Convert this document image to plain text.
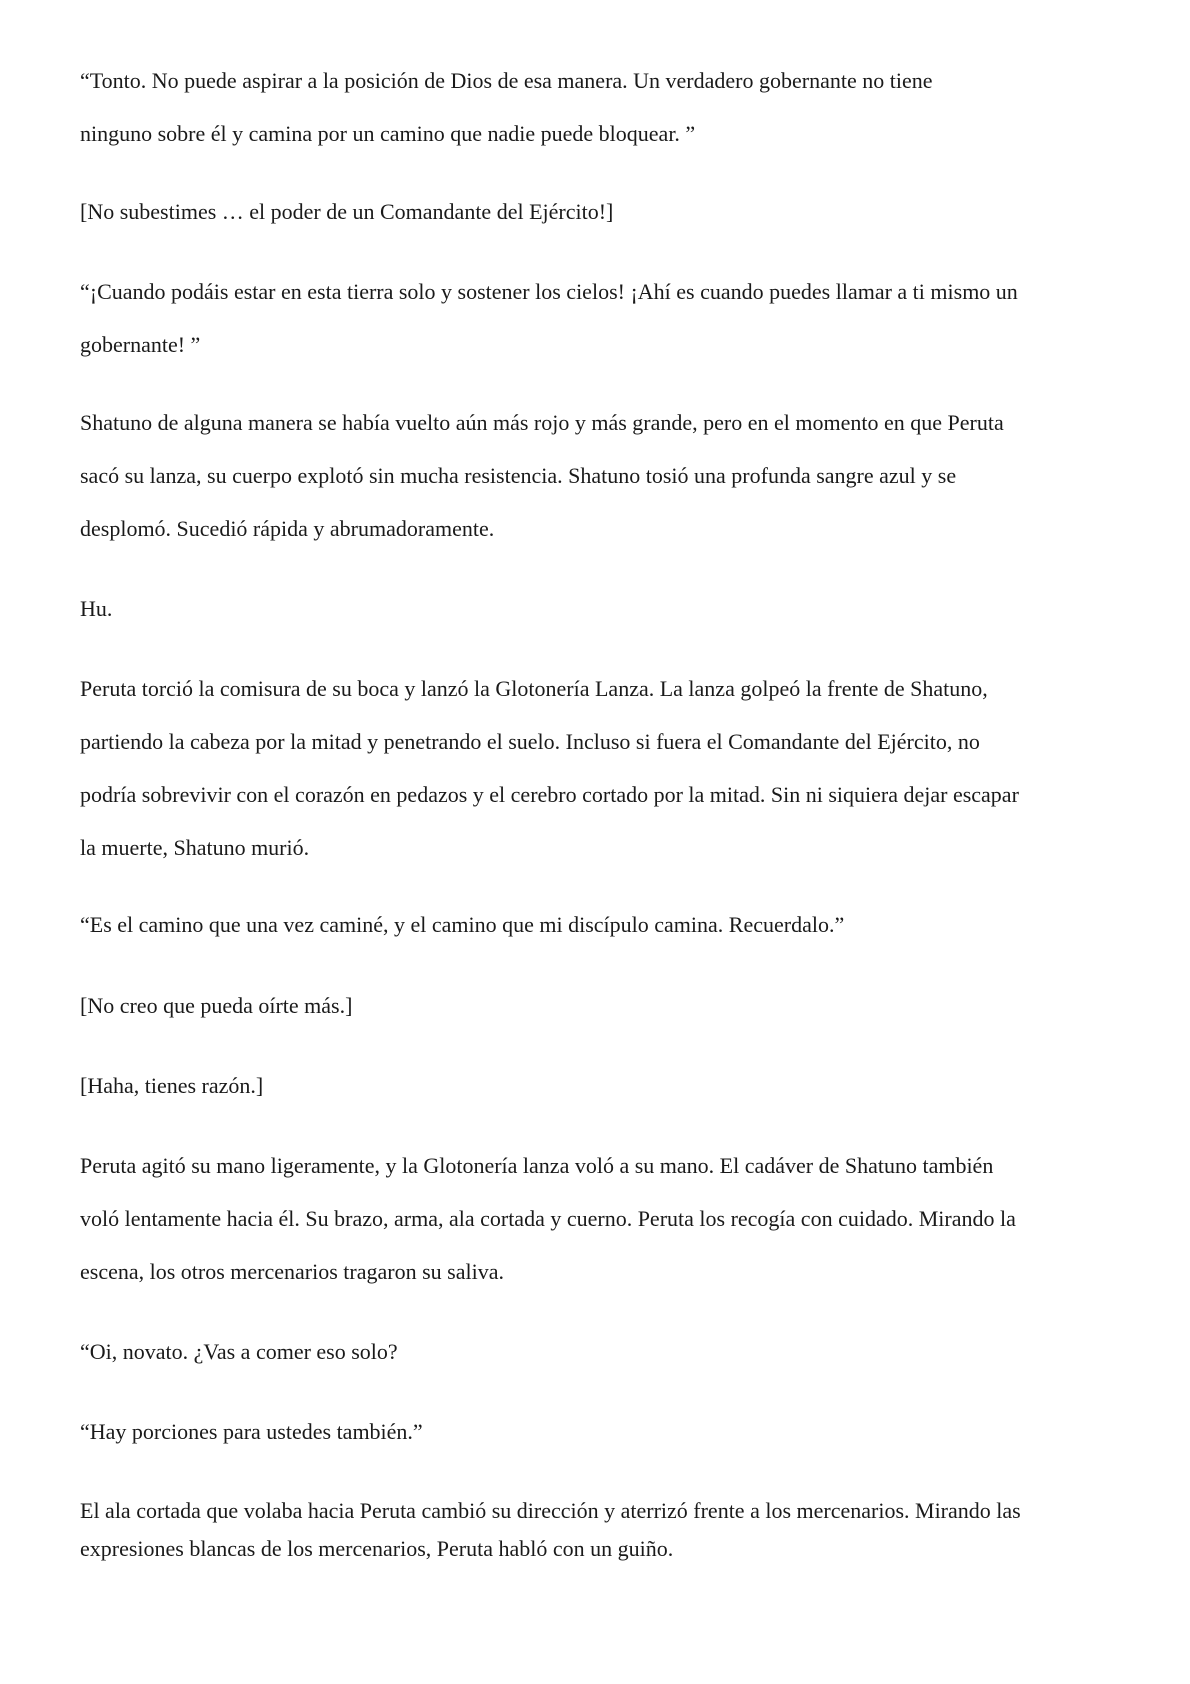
“Tonto. No puede aspirar a la posición de Dios de esa manera. Un verdadero gobernante no tiene
ninguno sobre él y camina por un camino que nadie puede bloquear. ”

[No subestimes … el poder de un Comandante del Ejército!]

“¡Cuando podáis estar en esta tierra solo y sostener los cielos! ¡Ahí es cuando puedes llamar a ti mismo un
gobernante! ”

Shatuno de alguna manera se había vuelto aún más rojo y más grande, pero en el momento en que Peruta
sacó su lanza, su cuerpo explotó sin mucha resistencia. Shatuno tosió una profunda sangre azul y se
desplomó. Sucedió rápida y abrumadoramente.

Hu.

Peruta torció la comisura de su boca y lanzó la Glotonería Lanza. La lanza golpeó la frente de Shatuno,
partiendo la cabeza por la mitad y penetrando el suelo. Incluso si fuera el Comandante del Ejército, no
podría sobrevivir con el corazón en pedazos y el cerebro cortado por la mitad. Sin ni siquiera dejar escapar
la muerte, Shatuno murió.

“Es el camino que una vez caminé, y el camino que mi discípulo camina. Recuerdalo.”

[No creo que pueda oírte más.]

[Haha, tienes razón.]

Peruta agitó su mano ligeramente, y la Glotonería lanza voló a su mano. El cadáver de Shatuno también
voló lentamente hacia él. Su brazo, arma, ala cortada y cuerno. Peruta los recogía con cuidado. Mirando la
escena, los otros mercenarios tragaron su saliva.

“Oi, novato. ¿Vas a comer eso solo?

“Hay porciones para ustedes también.”

El ala cortada que volaba hacia Peruta cambió su dirección y aterrizó frente a los mercenarios. Mirando las
expresiones blancas de los mercenarios, Peruta habló con un guiño.
